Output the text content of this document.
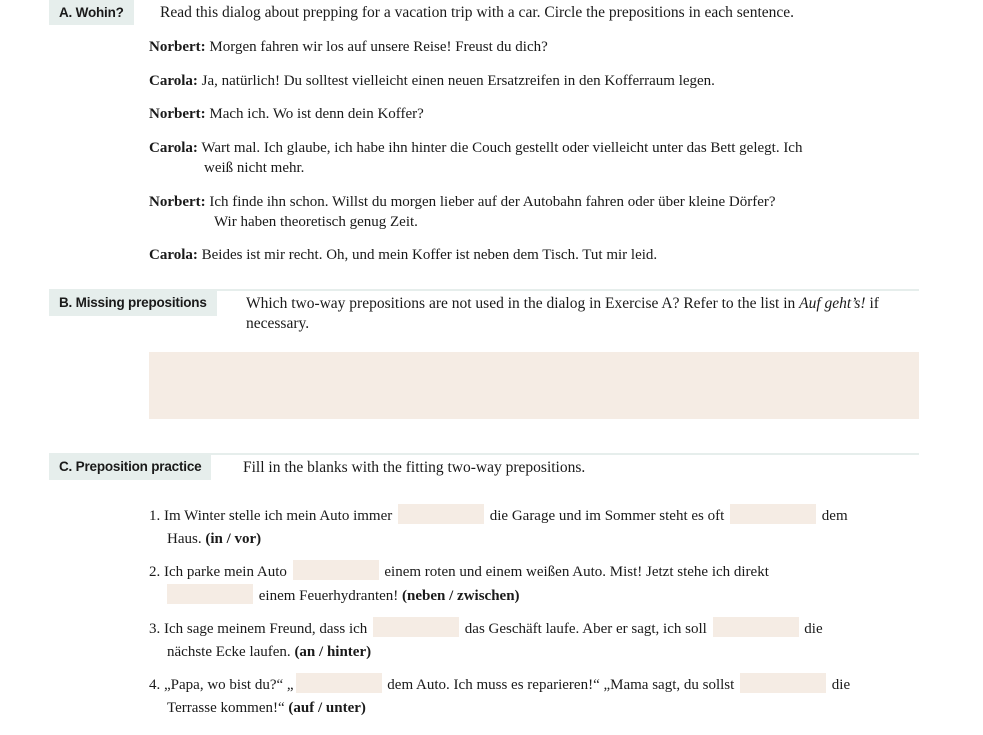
A. Wohin?	Read this dialog about prepping for a vacation trip with a car. Circle the prepositions in each sentence.
Norbert: Morgen fahren wir los auf unsere Reise! Freust du dich?
Carola: Ja, natürlich! Du solltest vielleicht einen neuen Ersatzreifen in den Kofferraum legen.
Norbert: Mach ich. Wo ist denn dein Koffer?
Carola: Wart mal. Ich glaube, ich habe ihn hinter die Couch gestellt oder vielleicht unter das Bett gelegt. Ich
weiß nicht mehr.
Norbert: Ich finde ihn schon. Willst du morgen lieber auf der Autobahn fahren oder über kleine Dörfer?
Wir haben theoretisch genug Zeit.
Carola: Beides ist mir recht. Oh, und mein Koffer ist neben dem Tisch. Tut mir leid.
B. Missing prepositions	Which two-way prepositions are not used in the dialog in Exercise A? Refer to the list in Auf geht’s! if necessary.
C. Preposition practice	Fill in the blanks with the fitting two-way prepositions.
1. Im Winter stelle ich mein Auto immer	die Garage und im Sommer steht es oft	dem
Haus. (in / vor)
2. Ich parke mein Auto	einem roten und einem weißen Auto. Mist! Jetzt stehe ich direkt
einem Feuerhydranten! (neben / zwischen)
3. Ich sage meinem Freund, dass ich	das Geschäft laufe. Aber er sagt, ich soll	die
nächste Ecke laufen. (an / hinter)
4. „Papa, wo bist du?“ „	dem Auto. Ich muss es reparieren!“ „Mama sagt, du sollst	die
Terrasse kommen!“ (auf / unter)
